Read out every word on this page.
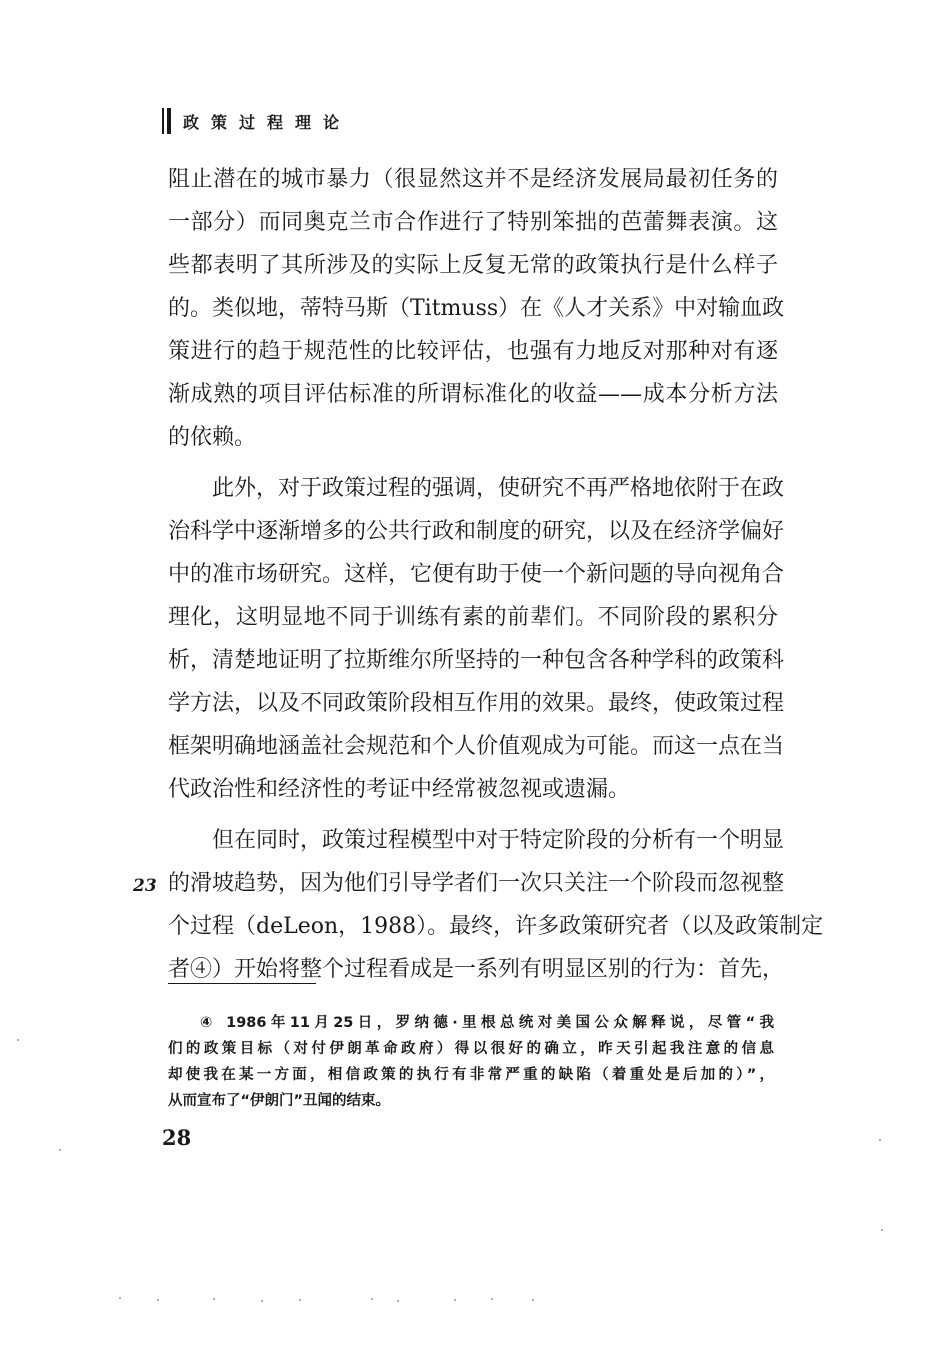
政策过程理论
阻止潜在的城市暴力（很显然这并不是经济发展局最初任务的
一部分）而同奥克兰市合作进行了特别笨拙的芭蕾舞表演。这
些都表明了其所涉及的实际上反复无常的政策执行是什么样子
的。类似地，蒂特马斯（Titmuss）在《人才关系》中对输血政
策进行的趋于规范性的比较评估，也强有力地反对那种对有逐
渐成熟的项目评估标准的所谓标准化的收益——成本分析方法
的依赖。
此外，对于政策过程的强调，使研究不再严格地依附于在政
治科学中逐渐增多的公共行政和制度的研究，以及在经济学偏好
中的准市场研究。这样，它便有助于使一个新问题的导向视角合
理化，这明显地不同于训练有素的前辈们。不同阶段的累积分
析，清楚地证明了拉斯维尔所坚持的一种包含各种学科的政策科
学方法，以及不同政策阶段相互作用的效果。最终，使政策过程
框架明确地涵盖社会规范和个人价值观成为可能。而这一点在当
代政治性和经济性的考证中经常被忽视或遗漏。
但在同时，政策过程模型中对于特定阶段的分析有一个明显
的滑坡趋势，因为他们引导学者们一次只关注一个阶段而忽视整
个过程（deLeon，1988）。最终，许多政策研究者（以及政策制定
者④）开始将整个过程看成是一系列有明显区别的行为：首先，
23
④ 1986年11月25日，罗纳德·里根总统对美国公众解释说，尽管“我
们的政策目标（对付伊朗革命政府）得以很好的确立，昨天引起我注意的信息
却使我在某一方面，相信政策的执行有非常严重的缺陷（着重处是后加的）”，
从而宣布了“伊朗门”丑闻的结束。
28
